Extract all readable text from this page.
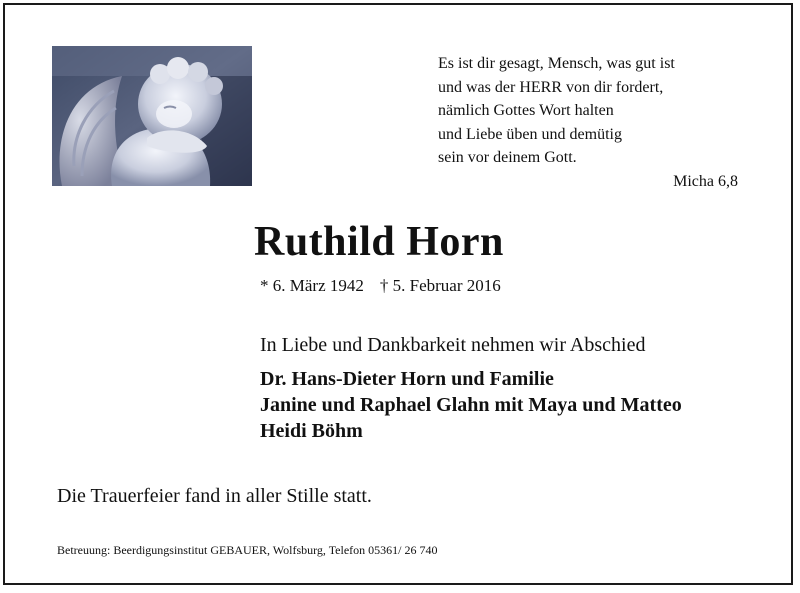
Es ist dir gesagt, Mensch, was gut ist
und was der HERR von dir fordert,
nämlich Gottes Wort halten
und Liebe üben und demütig
sein vor deinem Gott.
Micha 6,8
Ruthild Horn
* 6. März 1942 † 5. Februar 2016
In Liebe und Dankbarkeit nehmen wir Abschied
Dr. Hans-Dieter Horn und Familie
Janine und Raphael Glahn mit Maya und Matteo
Heidi Böhm
Die Trauerfeier fand in aller Stille statt.
Betreuung: Beerdigungsinstitut GEBAUER, Wolfsburg, Telefon 05361/ 26 740
